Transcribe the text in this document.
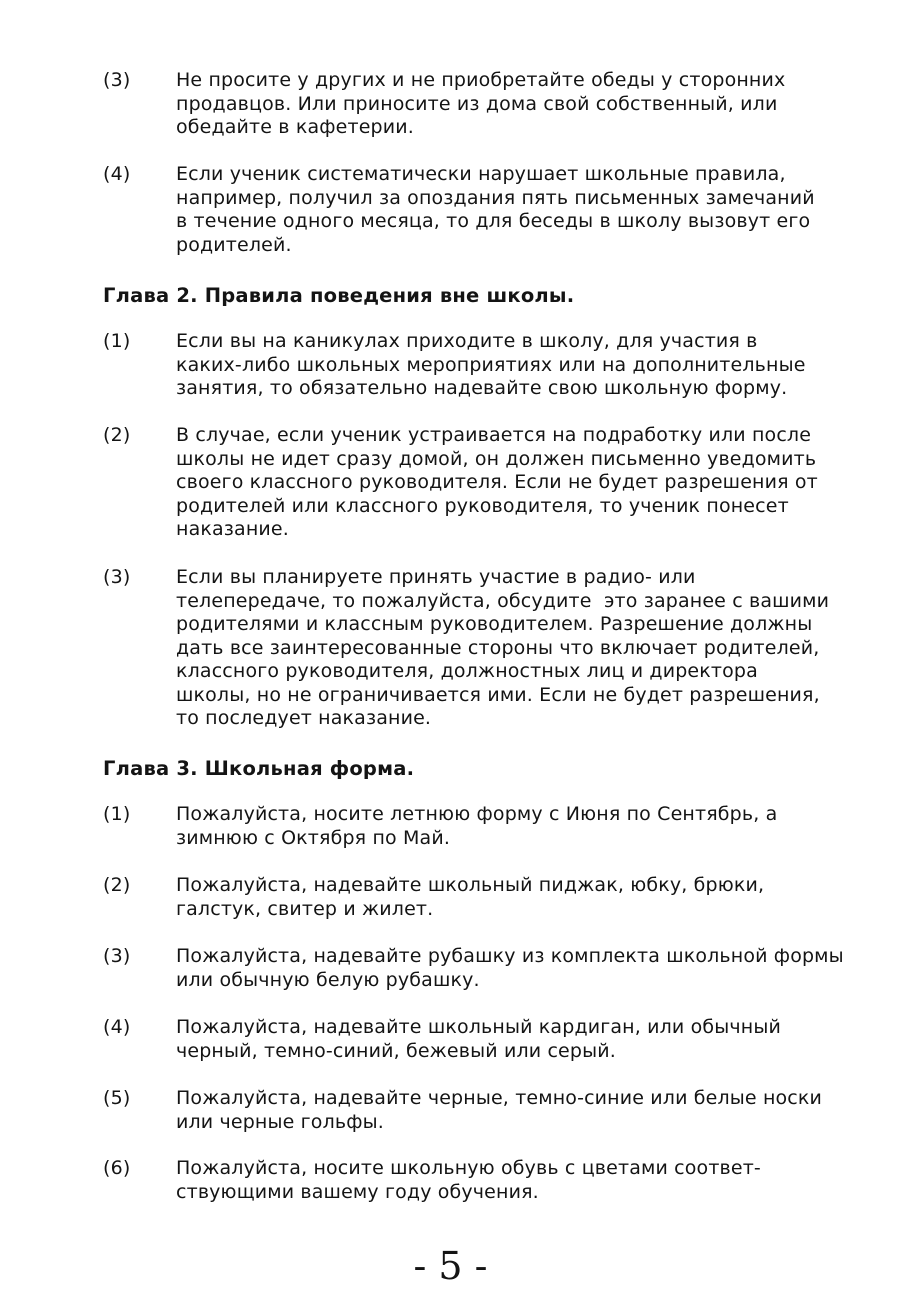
(3) Не просите у других и не приобретайте обеды у сторонних
продавцов. Или приносите из дома свой собственный, или
обедайте в кафетерии.
(4) Если ученик систематически нарушает школьные правила,
например, получил за опоздания пять письменных замечаний
в течение одного месяца, то для беседы в школу вызовут его
родителей.
Глава 2. Правила поведения вне школы.
(1) Если вы на каникулах приходите в школу, для участия в
каких-либо школьных мероприятиях или на дополнительные
занятия, то обязательно надевайте свою школьную форму.
(2) В случае, если ученик устраивается на подработку или после
школы не идет сразу домой, он должен письменно уведомить
своего классного руководителя. Если не будет разрешения от
родителей или классного руководителя, то ученик понесет
наказание.
(3) Если вы планируете принять участие в радио- или
телепередаче, то пожалуйста, обсудите  это заранее с вашими
родителями и классным руководителем. Разрешение должны
дать все заинтересованные стороны что включает родителей,
классного руководителя, должностных лиц и директора
школы, но не ограничивается ими. Если не будет разрешения,
то последует наказание.
Глава 3. Школьная форма.
(1) Пожалуйста, носите летнюю форму с Июня по Сентябрь, а
зимнюю с Октября по Май.
(2) Пожалуйста, надевайте школьный пиджак, юбку, брюки,
галстук, свитер и жилет.
(3) Пожалуйста, надевайте рубашку из комплекта школьной формы
или обычную белую рубашку.
(4) Пожалуйста, надевайте школьный кардиган, или обычный
черный, темно-синий, бежевый или серый.
(5) Пожалуйста, надевайте черные, темно-синие или белые носки
или черные гольфы.
(6) Пожалуйста, носите школьную обувь с цветами соответ-
ствующими вашему году обучения.
- 5 -
